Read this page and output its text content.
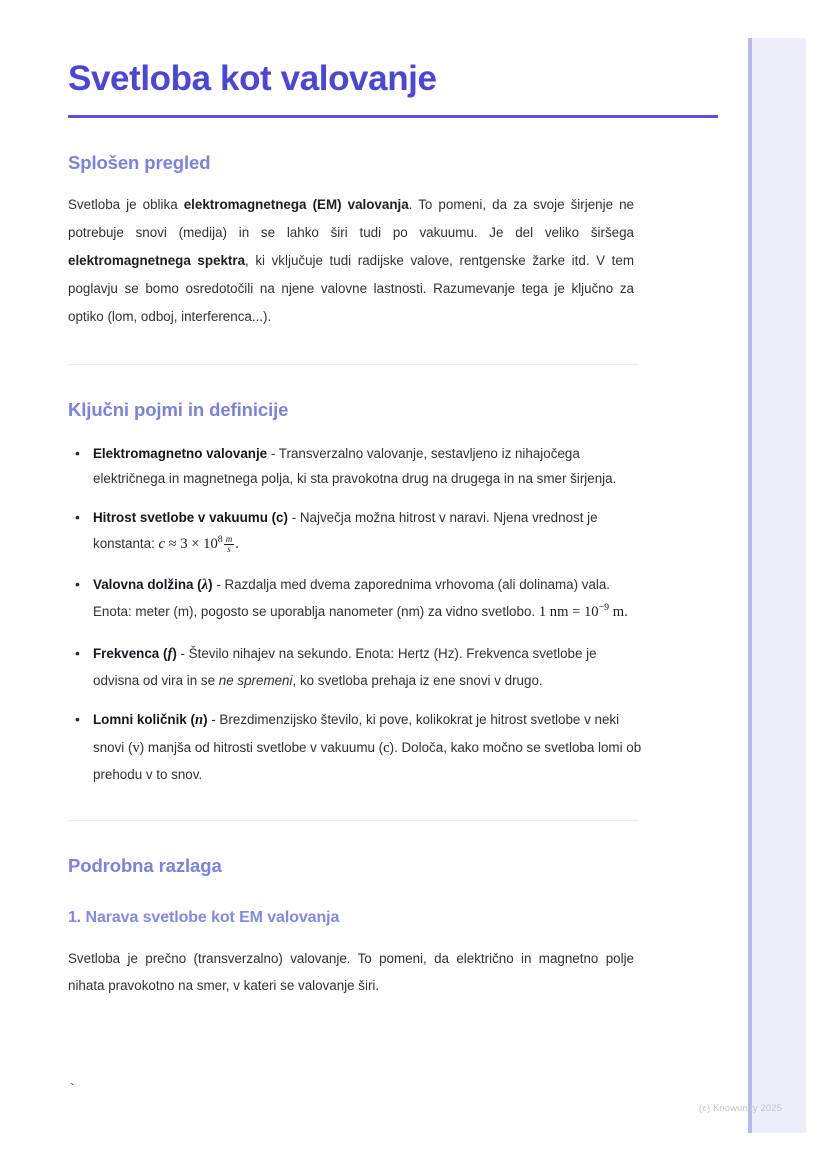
Svetloba kot valovanje
Splošen pregled

Svetloba je oblika elektromagnetnega (EM) valovanja. To pomeni, da za svoje širjenje ne potrebuje snovi (medija) in se lahko širi tudi po vakuumu. Je del veliko širšega elektromagnetnega spektra, ki vključuje tudi radijske valove, rentgenske žarke itd. V tem poglavju se bomo osredotočili na njene valovne lastnosti. Razumevanje tega je ključno za optiko (lom, odboj, interferenca...).

Ključni pojmi in definicije
• Elektromagnetno valovanje - Transverzalno valovanje, sestavljeno iz nihajočega električnega in magnetnega polja, ki sta pravokotna drug na drugega in na smer širjenja.
• Hitrost svetlobe v vakuumu (c) - Največja možna hitrost v naravi. Njena vrednost je konstanta: $c \approx 3 \times 10^8 \frac{m}{s}$ .
• Valovna dolžina (λ) - Razdalja med dvema zaporednima vrhovoma (ali dolinama) vala. Enota: meter (m), pogosto se uporablja nanometer (nm) za vidno svetlobo. 1 nm = $10^{-9}$ m.
• Frekvenca (f) - Število nihajev na sekundo. Enota: Hertz (Hz). Frekvenca svetlobe je odvisna od vira in se ne spremeni, ko svetloba prehaja iz ene snovi v drugo.
• Lomni količnik (n) - Brezdimenzijsko število, ki pove, kolikokrat je hitrost svetlobe v neki snovi (v) manjša od hitrosti svetlobe v vakuumu (c). Določa, kako močno se svetloba lomi ob prehodu v to snov.
Podrobna razlaga
1. Narava svetlobe kot EM valovanja

Svetloba je prečno (transverzalno) valovanje. To pomeni, da električno in magnetno polje nihata pravokotno na smer, v kateri se valovanje širi.

`
(c) Knowunity 2025
